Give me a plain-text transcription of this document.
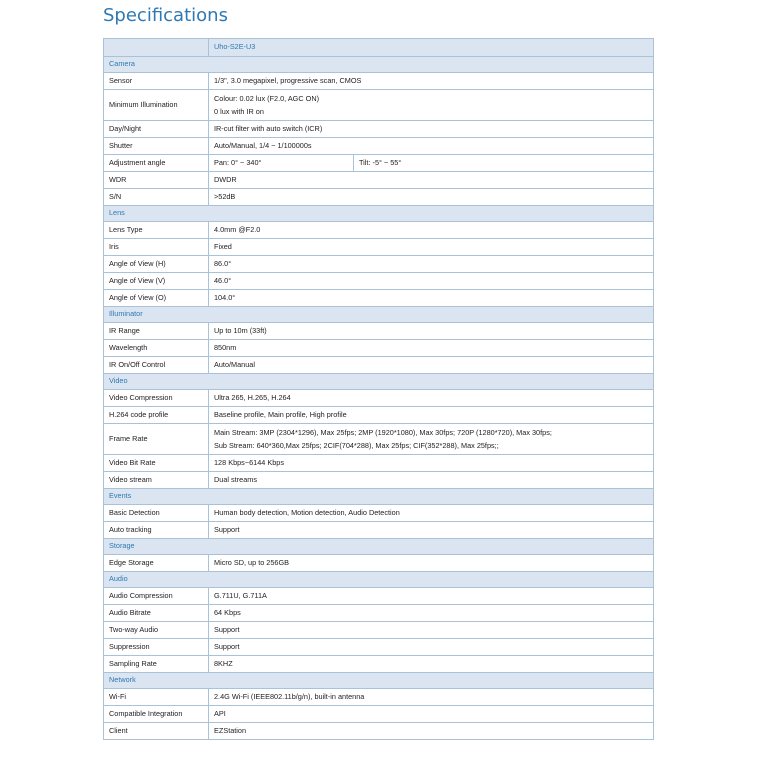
Specifications
	Uho-S2E-U3	
Camera		
Sensor	1/3", 3.0 megapixel, progressive scan, CMOS	
Minimum Illumination	Colour: 0.02 lux (F2.0, AGC ON)
0 lux with IR on	

Day/Night	IR-cut filter with auto switch (ICR)	
Shutter	Auto/Manual, 1/4 ~ 1/100000s	
Adjustment angle	Pan: 0° ~ 340°	Tilt: -5° ~ 55°
WDR	DWDR	
S/N	>52dB	
Lens		
Lens Type	4.0mm @F2.0	
Iris	Fixed	
Angle of View (H)	86.0°	
Angle of View (V)	46.0°	
Angle of View (O)	104.0°	
Illuminator		
IR Range	Up to 10m (33ft)	
Wavelength	850nm	
IR On/Off Control	Auto/Manual	
Video		
Video Compression	Ultra 265, H.265, H.264	
H.264 code profile	Baseline profile, Main profile, High profile	
Frame Rate	Main Stream: 3MP (2304*1296), Max 25fps; 2MP (1920*1080), Max 30fps; 720P (1280*720), Max 30fps;
Sub Stream: 640*360,Max 25fps; 2CIF(704*288), Max 25fps; CIF(352*288), Max 25fps;;	

Video Bit Rate	128 Kbps~6144 Kbps	
Video stream	Dual streams	
Events		
Basic Detection	Human body detection, Motion detection, Audio Detection	
Auto tracking	Support	
Storage		
Edge Storage	Micro SD, up to 256GB	
Audio		
Audio Compression	G.711U, G.711A	
Audio Bitrate	64 Kbps	
Two-way Audio	Support	
Suppression	Support	
Sampling Rate	8KHZ	
Network		
Wi-Fi	2.4G Wi-Fi (IEEE802.11b/g/n), built-in antenna	
Compatible Integration	API	
Client	EZStation	
